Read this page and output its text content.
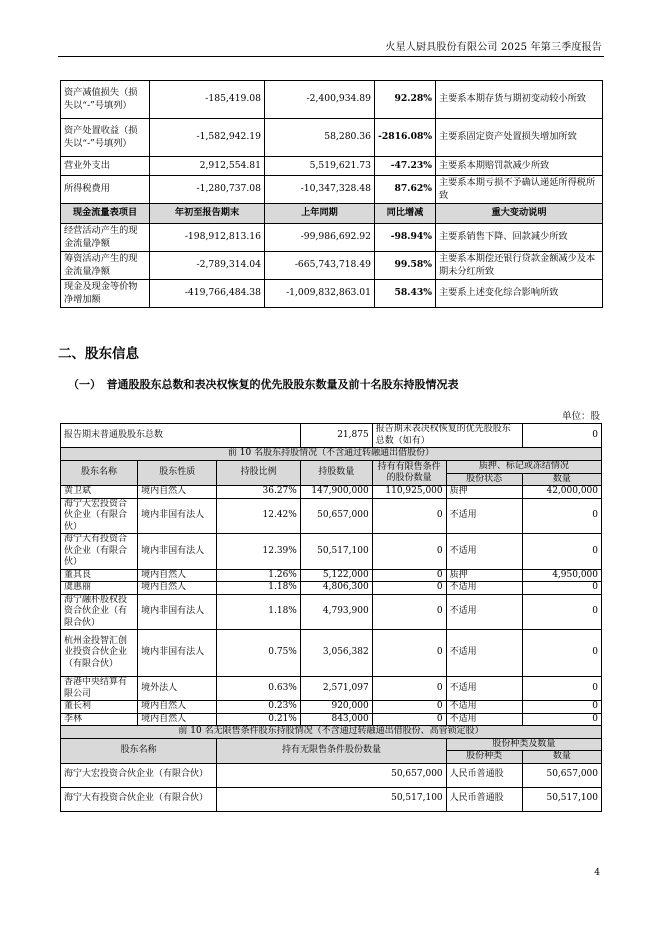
火星人厨具股份有限公司 2025 年第三季度报告
资产减值损失（损失以“-”号填列）	-185,419.08	-2,400,934.89	92.28%	主要系本期存货与期初变动较小所致
资产处置收益（损失以“-”号填列）	-1,582,942.19	58,280.36	-2816.08%	主要系固定资产处置损失增加所致
营业外支出	2,912,554.81	5,519,621.73	-47.23%	主要系本期赔罚款减少所致
所得税费用	-1,280,737.08	-10,347,328.48	87.62%	主要系本期亏损不予确认递延所得税所致
现金流量表项目	年初至报告期末	上年同期	同比增减	重大变动说明
经营活动产生的现金流量净额	-198,912,813.16	-99,986,692.92	-98.94%	主要系销售下降、回款减少所致
筹资活动产生的现金流量净额	-2,789,314.04	-665,743,718.49	99.58%	主要系本期偿还银行贷款金额减少及本期未分红所致
现金及现金等价物净增加额	-419,766,484.38	-1,009,832,863.01	58.43%	主要系上述变化综合影响所致
二、股东信息
（一）　普通股股东总数和表决权恢复的优先股股东数量及前十名股东持股情况表
单位：股
报告期末普通股股东总数			21,875	报告期末表决权恢复的优先股股东总数（如有）		0
前 10 名股东持股情况（不含通过转融通出借股份）						
股东名称	股东性质	持股比例	持股数量	持有有限售条件的股份数量	质押、标记或冻结情况	
					股份状态	数量
黄卫斌	境内自然人	36.27%	147,900,000	110,925,000	质押	42,000,000
海宁大宏投资合伙企业（有限合伙）	境内非国有法人	12.42%	50,657,000	0	不适用	0
海宁大有投资合伙企业（有限合伙）	境内非国有法人	12.39%	50,517,100	0	不适用	0
董其良	境内自然人	1.26%	5,122,000	0	质押	4,950,000
虞惠丽	境内自然人	1.18%	4,806,300	0	不适用	0
海宁融朴股权投资合伙企业（有限合伙）	境内非国有法人	1.18%	4,793,900	0	不适用	0
杭州金投智汇创业投资合伙企业（有限合伙）	境内非国有法人	0.75%	3,056,382	0	不适用	0
香港中央结算有限公司	境外法人	0.63%	2,571,097	0	不适用	0
董长利	境内自然人	0.23%	920,000	0	不适用	0
李林	境内自然人	0.21%	843,000	0	不适用	0
前 10 名无限售条件股东持股情况（不含通过转融通出借股份、高管锁定股）						
股东名称		持有无限售条件股份数量			股份种类及数量	
					股份种类	数量
海宁大宏投资合伙企业（有限合伙）		50,657,000			人民币普通股	50,657,000
海宁大有投资合伙企业（有限合伙）		50,517,100			人民币普通股	50,517,100
4
